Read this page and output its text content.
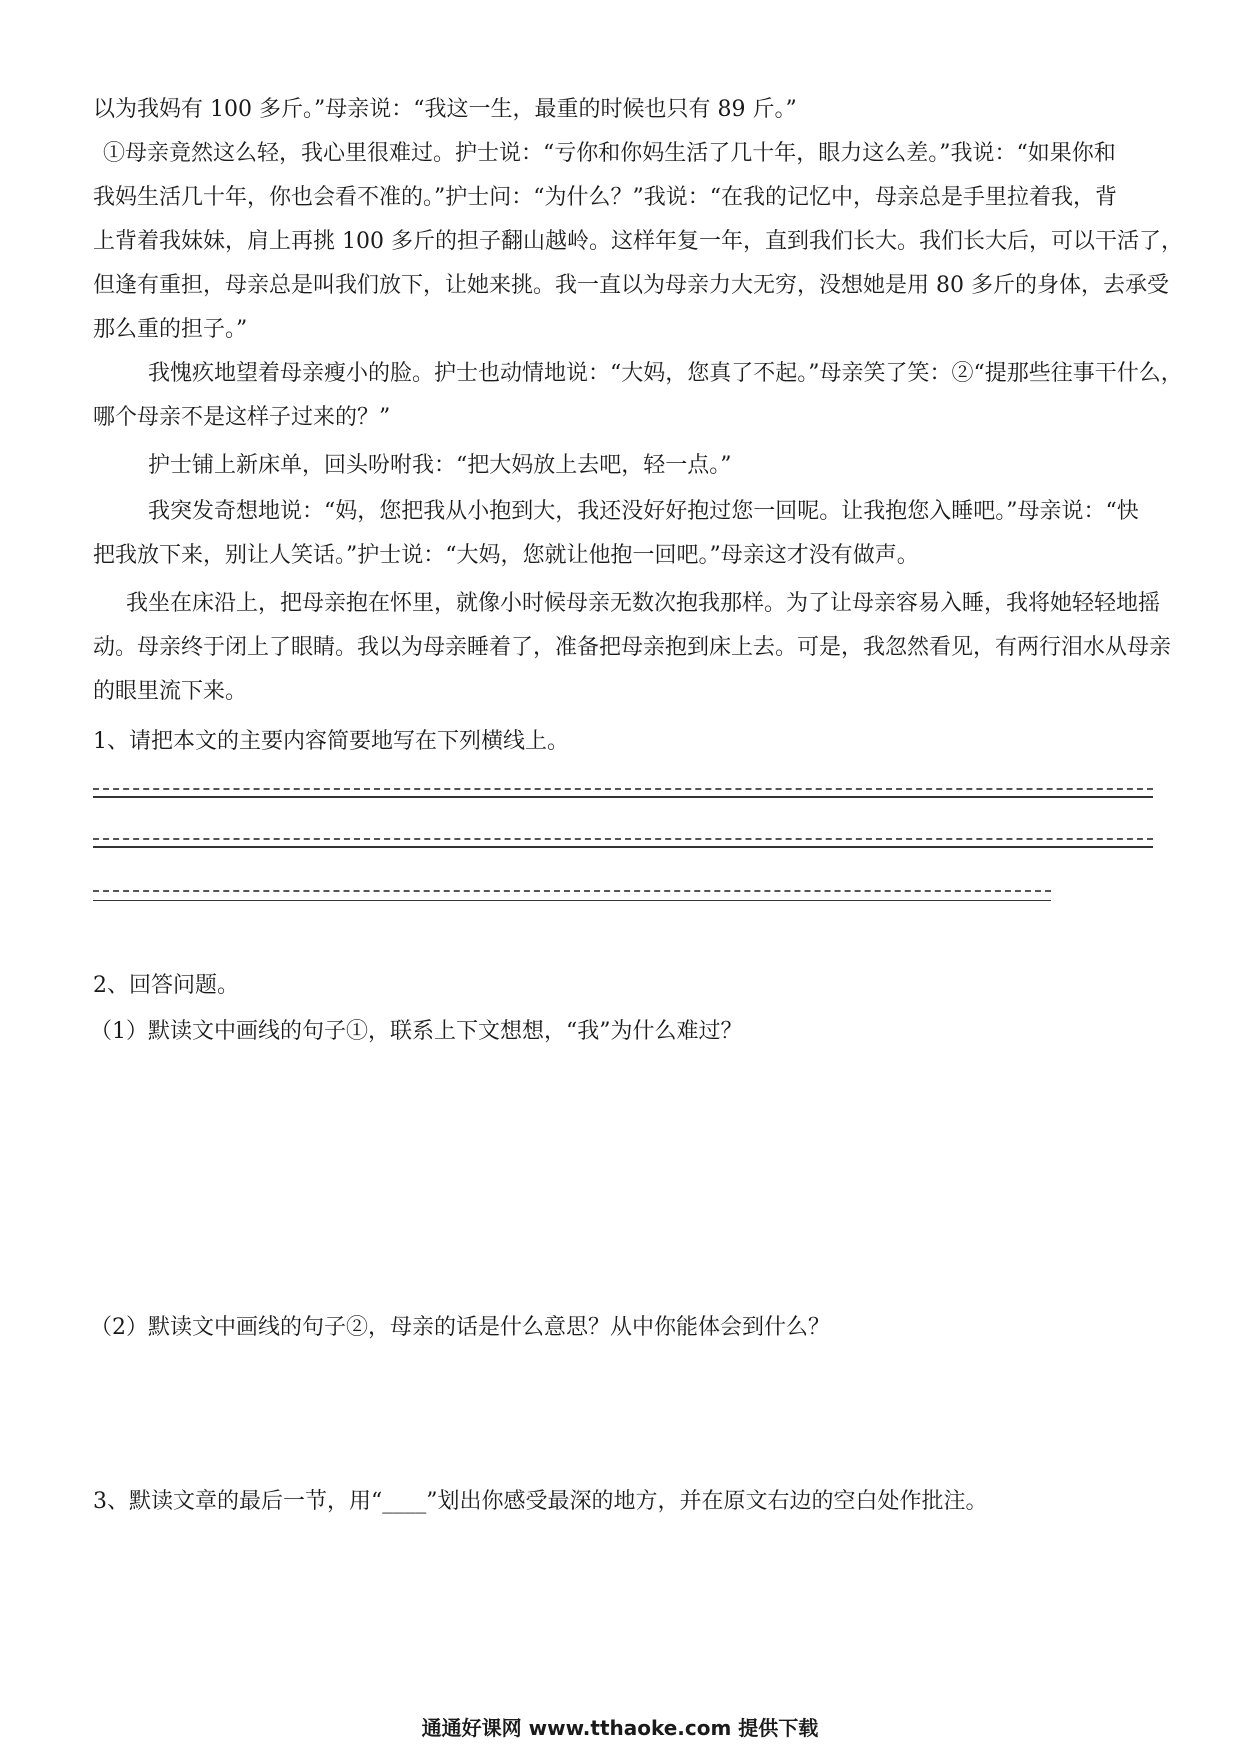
以为我妈有 100 多斤。”母亲说：“我这一生，最重的时候也只有 89 斤。”

①母亲竟然这么轻，我心里很难过。护士说：“亏你和你妈生活了几十年，眼力这么差。”我说：“如果你和

我妈生活几十年，你也会看不准的。”护士问：“为什么？”我说：“在我的记忆中，母亲总是手里拉着我，背

上背着我妹妹，肩上再挑 100 多斤的担子翻山越岭。这样年复一年，直到我们长大。我们长大后，可以干活了，

但逢有重担，母亲总是叫我们放下，让她来挑。我一直以为母亲力大无穷，没想她是用 80 多斤的身体，去承受

那么重的担子。”

我愧疚地望着母亲瘦小的脸。护士也动情地说：“大妈，您真了不起。”母亲笑了笑：②“提那些往事干什么，

哪个母亲不是这样子过来的？”

护士铺上新床单，回头吩咐我：“把大妈放上去吧，轻一点。”

我突发奇想地说：“妈，您把我从小抱到大，我还没好好抱过您一回呢。让我抱您入睡吧。”母亲说：“快

把我放下来，别让人笑话。”护士说：“大妈，您就让他抱一回吧。”母亲这才没有做声。

我坐在床沿上，把母亲抱在怀里，就像小时候母亲无数次抱我那样。为了让母亲容易入睡，我将她轻轻地摇

动。母亲终于闭上了眼睛。我以为母亲睡着了，准备把母亲抱到床上去。可是，我忽然看见，有两行泪水从母亲

的眼里流下来。

1、请把本文的主要内容简要地写在下列横线上。

2、回答问题。

（1）默读文中画线的句子①，联系上下文想想，“我”为什么难过？

（2）默读文中画线的句子②，母亲的话是什么意思？从中你能体会到什么？

3、默读文章的最后一节，用“____”划出你感受最深的地方，并在原文右边的空白处作批注。

通通好课网 www.tthaoke.com 提供下载
